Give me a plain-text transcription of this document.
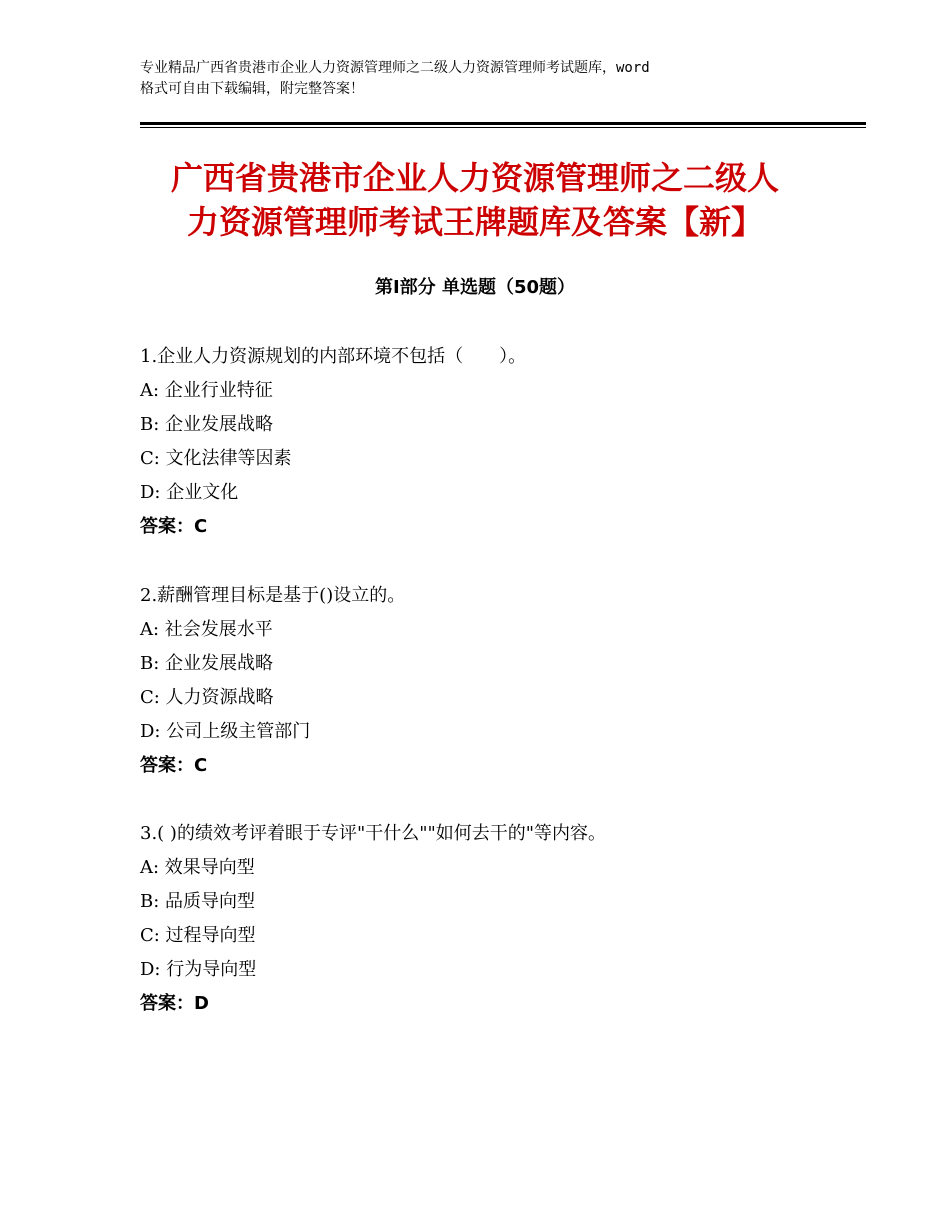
专业精品广西省贵港市企业人力资源管理师之二级人力资源管理师考试题库，word
格式可自由下载编辑，附完整答案！
广西省贵港市企业人力资源管理师之二级人
力资源管理师考试王牌题库及答案【新】
第Ⅰ部分 单选题（50题）
1.企业人力资源规划的内部环境不包括（　　）。
A: 企业行业特征
B: 企业发展战略
C: 文化法律等因素
D: 企业文化
答案：C
2.薪酬管理目标是基于()设立的。
A: 社会发展水平
B: 企业发展战略
C: 人力资源战略
D: 公司上级主管部门
答案：C
3.( )的绩效考评着眼于专评"干什么""如何去干的"等内容。
A: 效果导向型
B: 品质导向型
C: 过程导向型
D: 行为导向型
答案：D
